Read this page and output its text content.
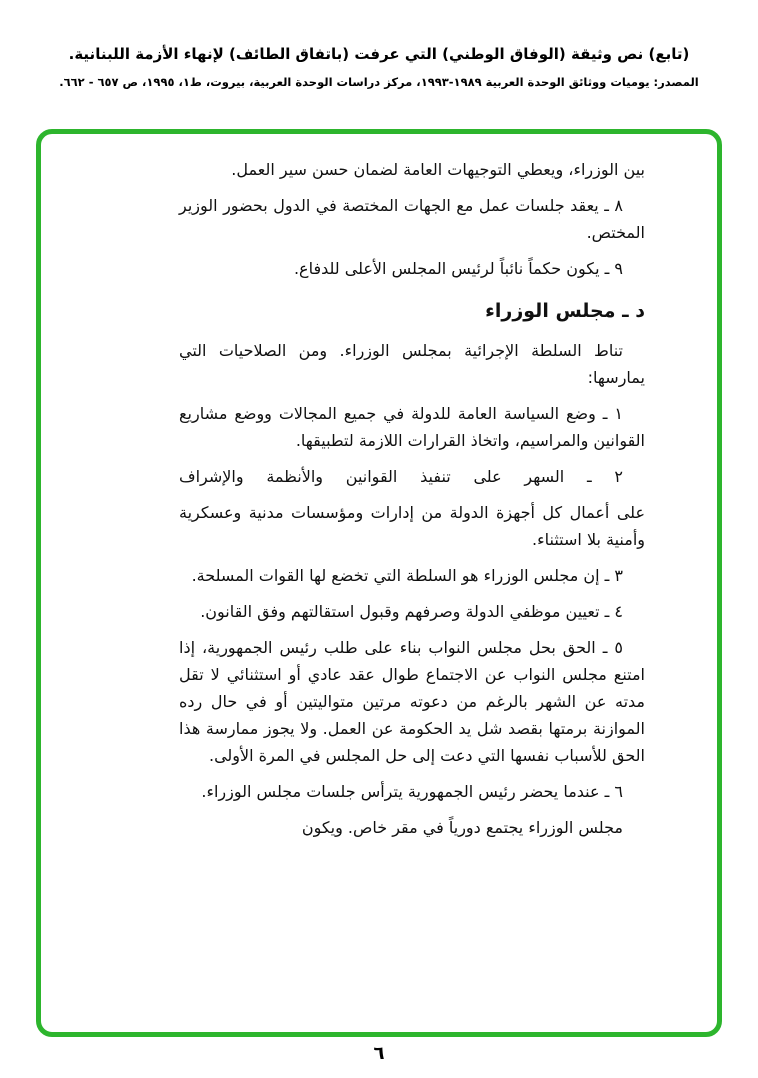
(تابع) نص وثيقة (الوفاق الوطني) التي عرفت (باتفاق الطائف) لإنهاء الأزمة اللبنانية.
المصدر: يوميات ووثائق الوحدة العربية ١٩٨٩-١٩٩٣، مركز دراسات الوحدة العربية، بيروت، ط١، ١٩٩٥، ص ٦٥٧ - ٦٦٢.

بين الوزراء، ويعطي التوجيهات العامة لضمان حسن سير العمل.

٨ ـ يعقد جلسات عمل مع الجهات المختصة في الدول بحضور الوزير المختص.

٩ ـ يكون حكماً نائباً لرئيس المجلس الأعلى للدفاع.

د ـ مجلس الوزراء

تناط السلطة الإجرائية بمجلس الوزراء. ومن الصلاحيات التي يمارسها:

١ ـ وضع السياسة العامة للدولة في جميع المجالات ووضع مشاريع القوانين والمراسيم، واتخاذ القرارات اللازمة لتطبيقها.

٢ ـ السهر على تنفيذ القوانين والأنظمة والإشراف

على أعمال كل أجهزة الدولة من إدارات ومؤسسات مدنية وعسكرية وأمنية بلا استثناء.

٣ ـ إن مجلس الوزراء هو السلطة التي تخضع لها القوات المسلحة.

٤ ـ تعيين موظفي الدولة وصرفهم وقبول استقالتهم وفق القانون.

٥ ـ الحق بحل مجلس النواب بناء على طلب رئيس الجمهورية، إذا امتنع مجلس النواب عن الاجتماع طوال عقد عادي أو استثنائي لا تقل مدته عن الشهر بالرغم من دعوته مرتين متواليتين أو في حال رده الموازنة برمتها بقصد شل يد الحكومة عن العمل. ولا يجوز ممارسة هذا الحق للأسباب نفسها التي دعت إلى حل المجلس في المرة الأولى.

٦ ـ عندما يحضر رئيس الجمهورية يترأس جلسات مجلس الوزراء.

مجلس الوزراء يجتمع دورياً في مقر خاص. ويكون

٦
